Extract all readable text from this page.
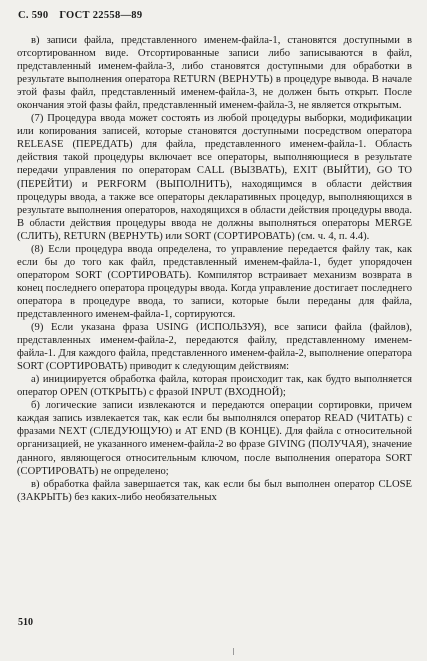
С. 590 ГОСТ 22558—89

в) записи файла, представленного именем-файла-1, становятся доступными в отсортированном виде. Отсортированные записи либо записываются в файл, представленный именем-файла-3, либо становятся доступными для обработки в результате выполнения оператора RETURN (ВЕРНУТЬ) в процедуре вывода. В начале этой фазы файл, представленный именем-файла-3, не должен быть открыт. После окончания этой фазы файл, представленный именем-файла-3, не является открытым.

(7) Процедура ввода может состоять из любой процедуры выборки, модификации или копирования записей, которые становятся доступными посредством оператора RELEASE (ПЕРЕДАТЬ) для файла, представленного именем-файла-1. Область действия такой процедуры включает все операторы, выполняющиеся в результате передачи управления по операторам CALL (ВЫЗВАТЬ), EXIT (ВЫЙТИ), GO TO (ПЕРЕЙТИ) и PERFORM (ВЫПОЛНИТЬ), находящимся в области действия процедуры ввода, а также все операторы декларативных процедур, выполняющихся в результате выполнения операторов, находящихся в области действия процедуры ввода. В области действия процедуры ввода не должны выполняться операторы MERGE (СЛИТЬ), RETURN (ВЕРНУТЬ) или SORT (СОРТИРОВАТЬ) (см. ч. 4, п. 4.4).

(8) Если процедура ввода определена, то управление передается файлу так, как если бы до того как файл, представленный именем-файла-1, будет упорядочен оператором SORT (СОРТИРОВАТЬ). Компилятор встраивает механизм возврата в конец последнего оператора процедуры ввода. Когда управление достигает последнего оператора в процедуре ввода, то записи, которые были переданы для файла, представленного именем-файла-1, сортируются.

(9) Если указана фраза USING (ИСПОЛЬЗУЯ), все записи файла (файлов), представленных именем-файла-2, передаются файлу, представленному именем-файла-1. Для каждого файла, представленного именем-файла-2, выполнение оператора SORT (СОРТИРОВАТЬ) приводит к следующим действиям:

а) инициируется обработка файла, которая происходит так, как будто выполняется оператор OPEN (ОТКРЫТЬ) с фразой INPUT (ВХОДНОЙ);

б) логические записи извлекаются и передаются операции сортировки, причем каждая запись извлекается так, как если бы выполнялся оператор READ (ЧИТАТЬ) с фразами NEXT (СЛЕДУЮЩУЮ) и AT END (В КОНЦЕ). Для файла с относительной организацией, не указанного именем-файла-2 во фразе GIVING (ПОЛУЧАЯ), значение данного, являющегося относительным ключом, после выполнения оператора SORT (СОРТИРОВАТЬ) не определено;

в) обработка файла завершается так, как если бы был выполнен оператор CLOSE (ЗАКРЫТЬ) без каких-либо необязательных

510
